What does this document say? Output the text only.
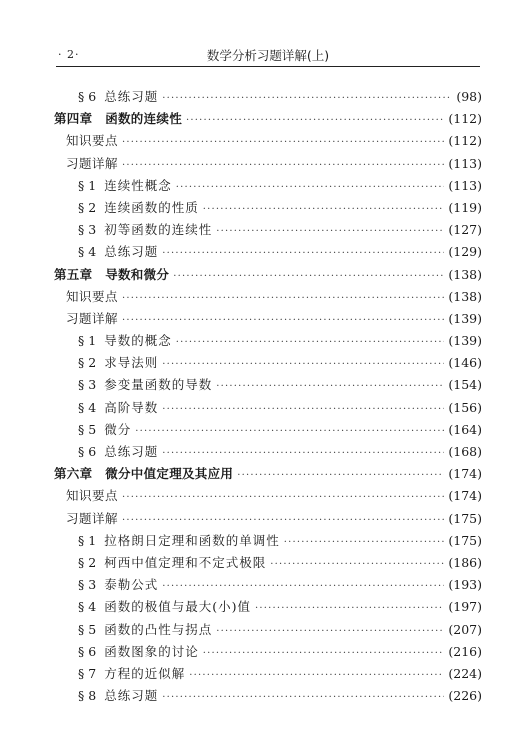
· 2·	数学分析习题详解(上)
§ 6 总练习题 ·····	(98)
第四章　函数的连续性 ·····	(112)
知识要点 ·····	(112)
习题详解 ·····	(113)
§ 1 连续性概念 ·····	(113)
§ 2 连续函数的性质 ·····	(119)
§ 3 初等函数的连续性 ·····	(127)
§ 4 总练习题 ·····	(129)
第五章　导数和微分 ·····	(138)
知识要点 ·····	(138)
习题详解 ·····	(139)
§ 1 导数的概念 ·····	(139)
§ 2 求导法则 ·····	(146)
§ 3 参变量函数的导数 ·····	(154)
§ 4 高阶导数 ·····	(156)
§ 5 微分 ·····	(164)
§ 6 总练习题 ·····	(168)
第六章　微分中值定理及其应用 ·····	(174)
知识要点 ·····	(174)
习题详解 ·····	(175)
§ 1 拉格朗日定理和函数的单调性 ·····	(175)
§ 2 柯西中值定理和不定式极限 ·····	(186)
§ 3 泰勒公式 ·····	(193)
§ 4 函数的极值与最大(小)值 ·····	(197)
§ 5 函数的凸性与拐点 ·····	(207)
§ 6 函数图象的讨论 ·····	(216)
§ 7 方程的近似解 ·····	(224)
§ 8 总练习题 ·····	(226)
